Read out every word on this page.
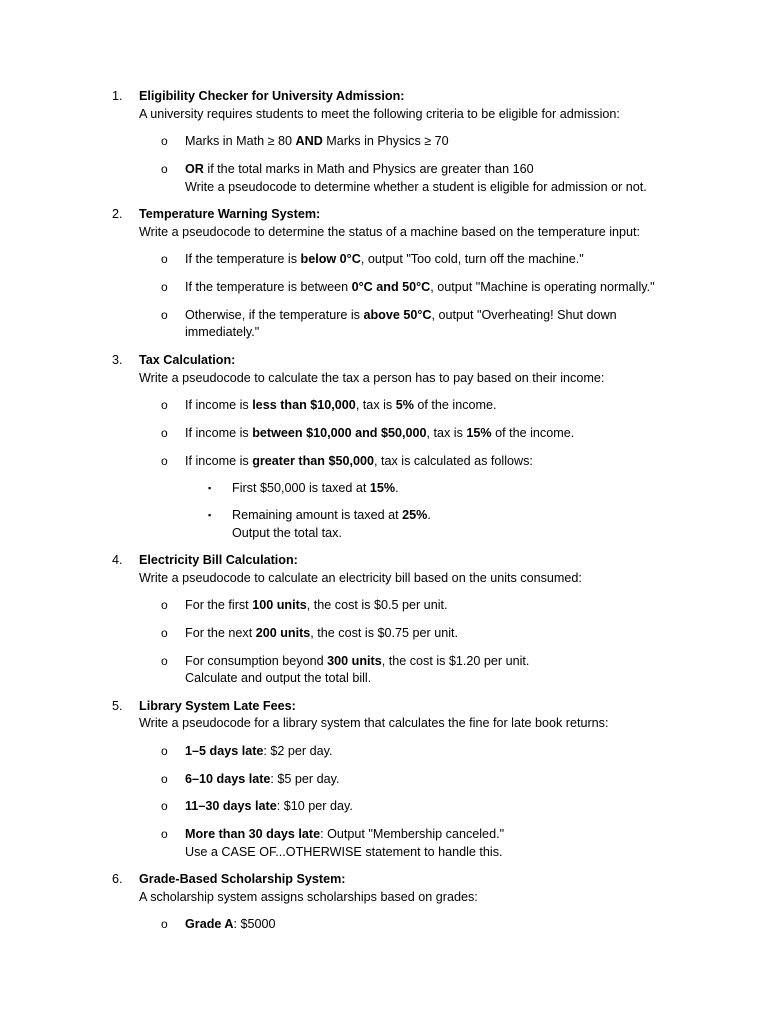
1.	Eligibility Checker for University Admission:
A university requires students to meet the following criteria to be eligible for admission:
o Marks in Math ≥ 80 AND Marks in Physics ≥ 70
o OR if the total marks in Math and Physics are greater than 160
Write a pseudocode to determine whether a student is eligible for admission or not.
2.	Temperature Warning System:
Write a pseudocode to determine the status of a machine based on the temperature input:
o If the temperature is below 0°C, output "Too cold, turn off the machine."
o If the temperature is between 0°C and 50°C, output "Machine is operating normally."
o Otherwise, if the temperature is above 50°C, output "Overheating! Shut down
immediately."
3.	Tax Calculation:
Write a pseudocode to calculate the tax a person has to pay based on their income:
o If income is less than $10,000, tax is 5% of the income.
o If income is between $10,000 and $50,000, tax is 15% of the income.
o If income is greater than $50,000, tax is calculated as follows:
▪ First $50,000 is taxed at 15%.
▪ Remaining amount is taxed at 25%.
Output the total tax.
4.	Electricity Bill Calculation:
Write a pseudocode to calculate an electricity bill based on the units consumed:
o For the first 100 units, the cost is $0.5 per unit.
o For the next 200 units, the cost is $0.75 per unit.
o For consumption beyond 300 units, the cost is $1.20 per unit.
Calculate and output the total bill.
5.	Library System Late Fees:
Write a pseudocode for a library system that calculates the fine for late book returns:
o 1–5 days late: $2 per day.
o 6–10 days late: $5 per day.
o 11–30 days late: $10 per day.
o More than 30 days late: Output "Membership canceled."
Use a CASE OF...OTHERWISE statement to handle this.
6.	Grade-Based Scholarship System:
A scholarship system assigns scholarships based on grades:
o Grade A: $5000
